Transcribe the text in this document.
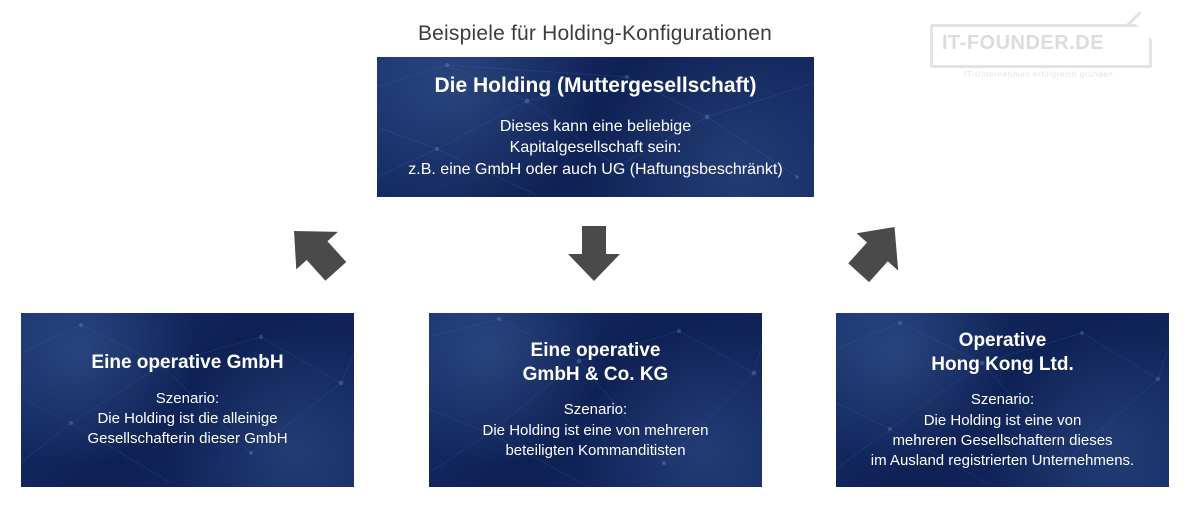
Beispiele für Holding-Konfigurationen	IT-FOUNDER.DE
IT-Unternehmen erfolgreich gründen
Die Holding (Muttergesellschaft)
Dieses kann eine beliebige
Kapitalgesellschaft sein:
z.B. eine GmbH oder auch UG (Haftungsbeschränkt)
Eine operative GmbH
Szenario:
Die Holding ist die alleinige
Gesellschafterin dieser GmbH
Eine operative
GmbH & Co. KG
Szenario:
Die Holding ist eine von mehreren
beteiligten Kommanditisten
Operative
Hong Kong Ltd.
Szenario:
Die Holding ist eine von
mehreren Gesellschaftern dieses
im Ausland registrierten Unternehmens.
